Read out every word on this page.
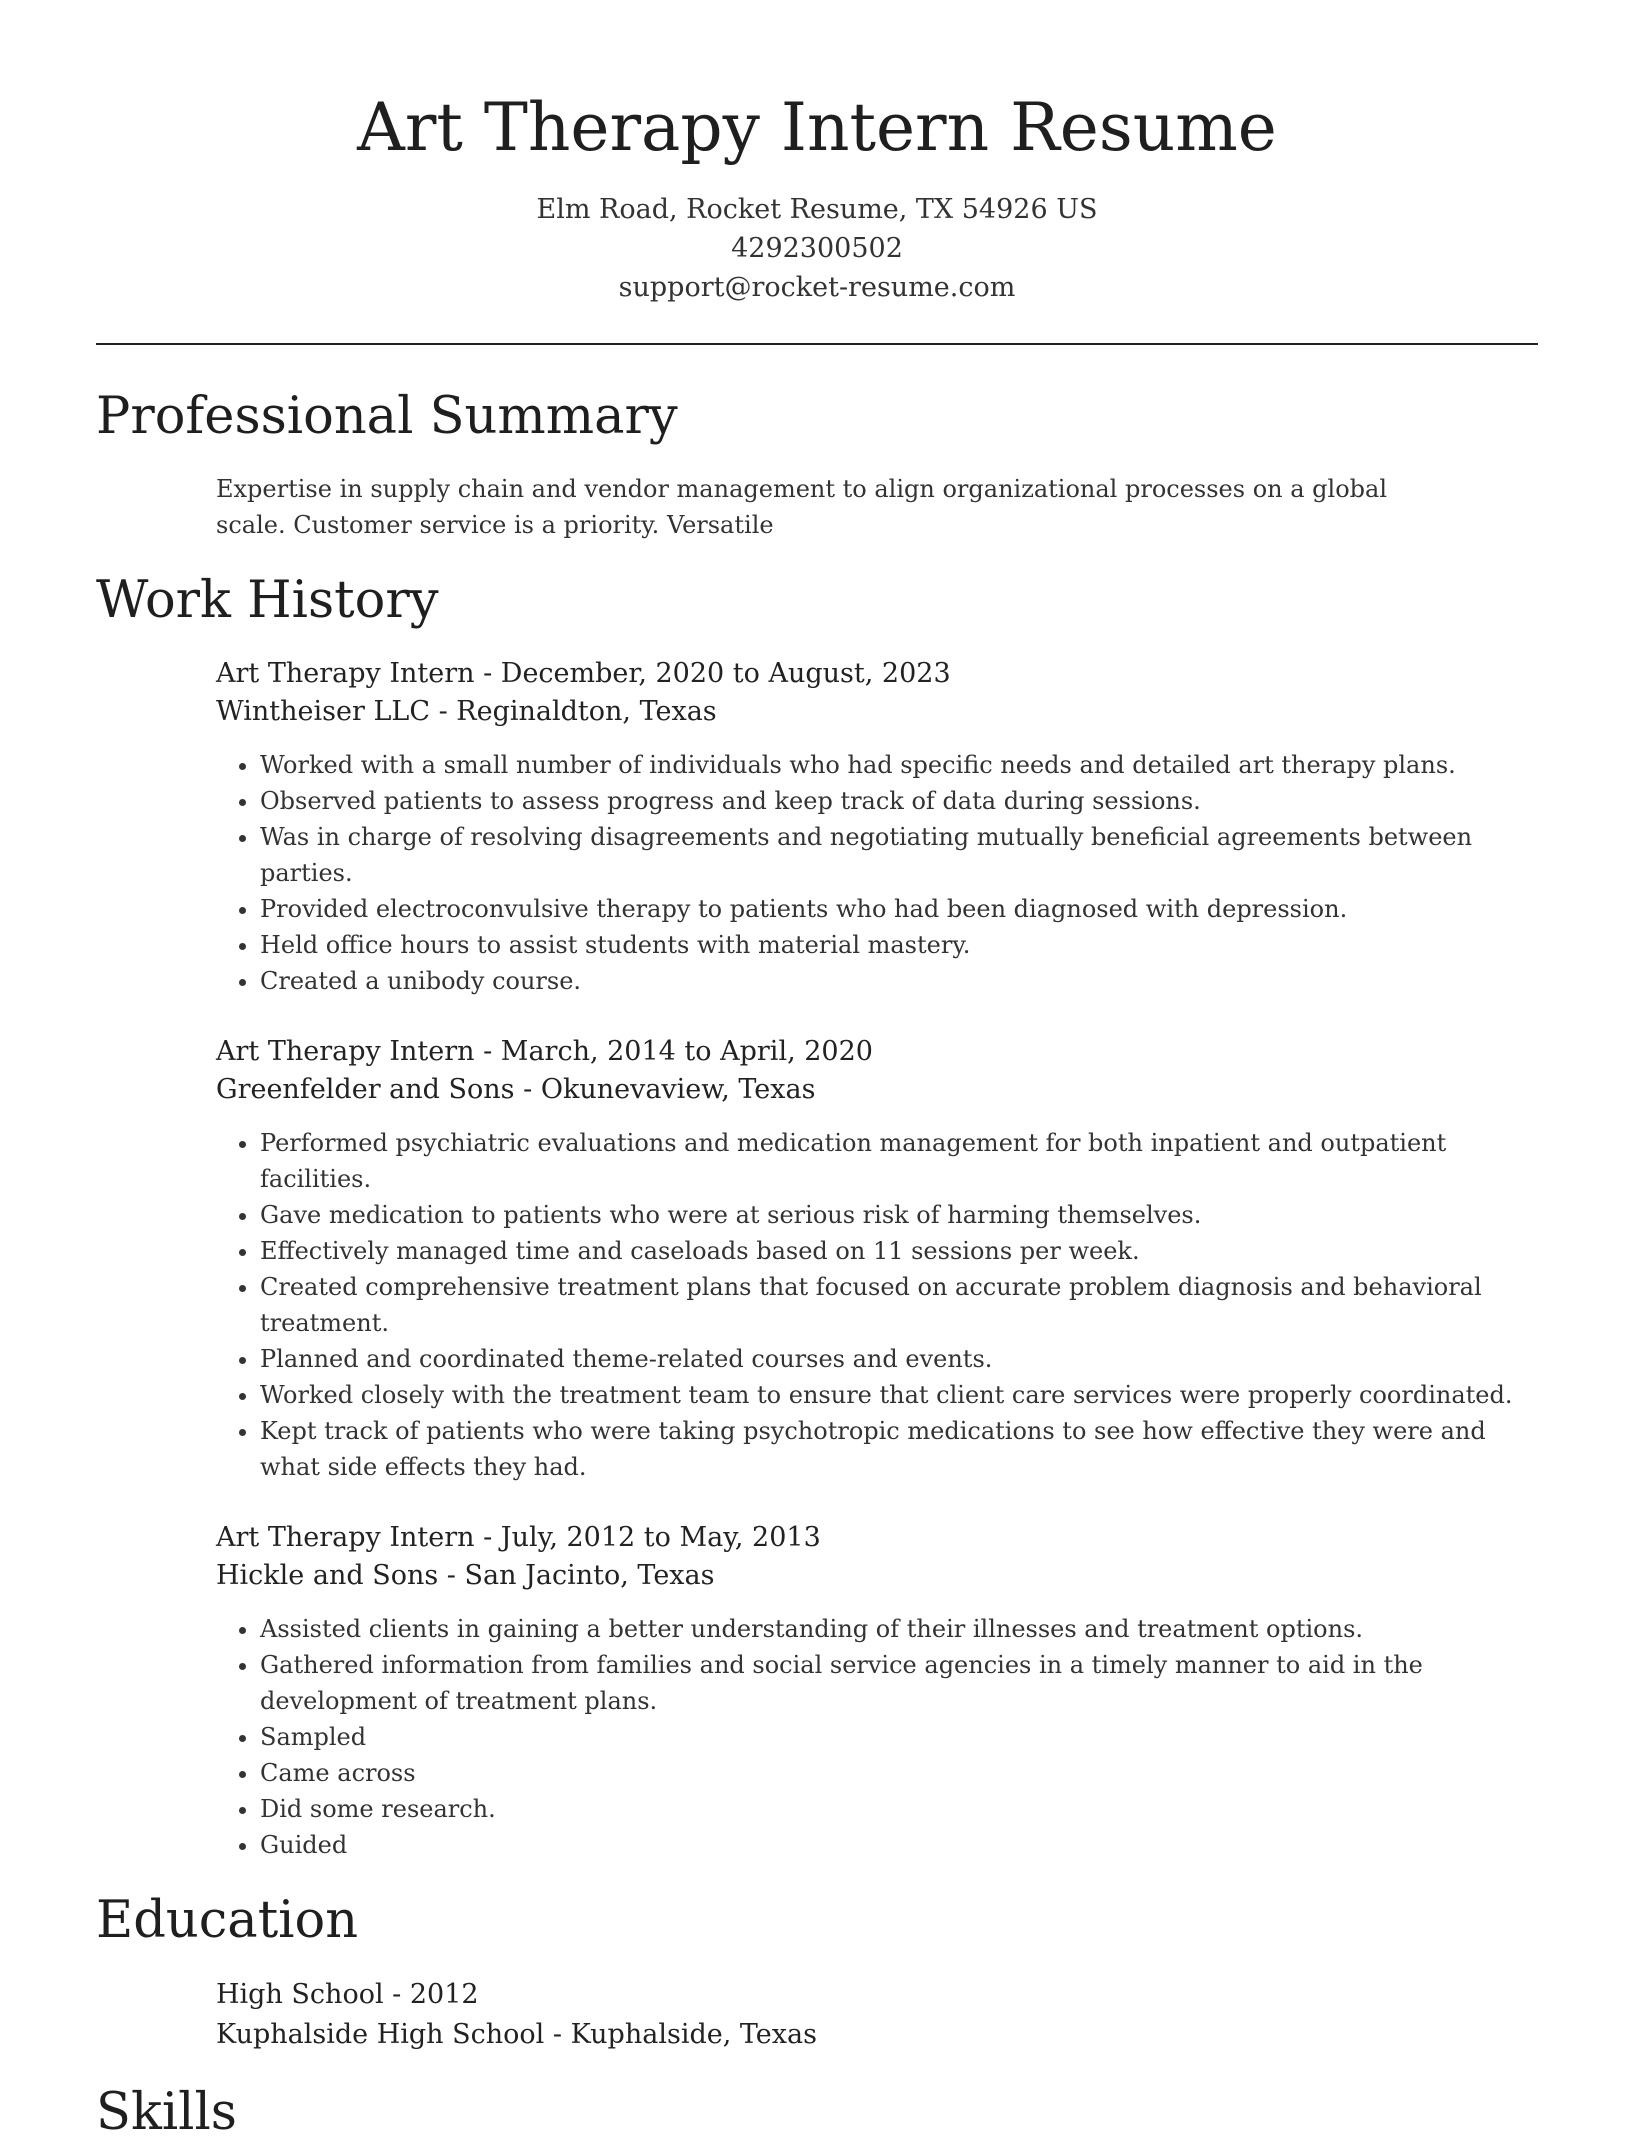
Art Therapy Intern Resume
Elm Road, Rocket Resume, TX 54926 US
4292300502
support@rocket-resume.com
Professional Summary
Expertise in supply chain and vendor management to align organizational processes on a global scale. Customer service is a priority. Versatile
Work History
Art Therapy Intern - December, 2020 to August, 2023
Wintheiser LLC - Reginaldton, Texas
• Worked with a small number of individuals who had specific needs and detailed art therapy plans.
• Observed patients to assess progress and keep track of data during sessions.
• Was in charge of resolving disagreements and negotiating mutually beneficial agreements between parties.
• Provided electroconvulsive therapy to patients who had been diagnosed with depression.
• Held office hours to assist students with material mastery.
• Created a unibody course.
Art Therapy Intern - March, 2014 to April, 2020
Greenfelder and Sons - Okunevaview, Texas
• Performed psychiatric evaluations and medication management for both inpatient and outpatient facilities.
• Gave medication to patients who were at serious risk of harming themselves.
• Effectively managed time and caseloads based on 11 sessions per week.
• Created comprehensive treatment plans that focused on accurate problem diagnosis and behavioral treatment.
• Planned and coordinated theme-related courses and events.
• Worked closely with the treatment team to ensure that client care services were properly coordinated.
• Kept track of patients who were taking psychotropic medications to see how effective they were and what side effects they had.
Art Therapy Intern - July, 2012 to May, 2013
Hickle and Sons - San Jacinto, Texas
• Assisted clients in gaining a better understanding of their illnesses and treatment options.
• Gathered information from families and social service agencies in a timely manner to aid in the development of treatment plans.
• Sampled
• Came across
• Did some research.
• Guided
Education
High School - 2012
Kuphalside High School - Kuphalside, Texas
Skills
